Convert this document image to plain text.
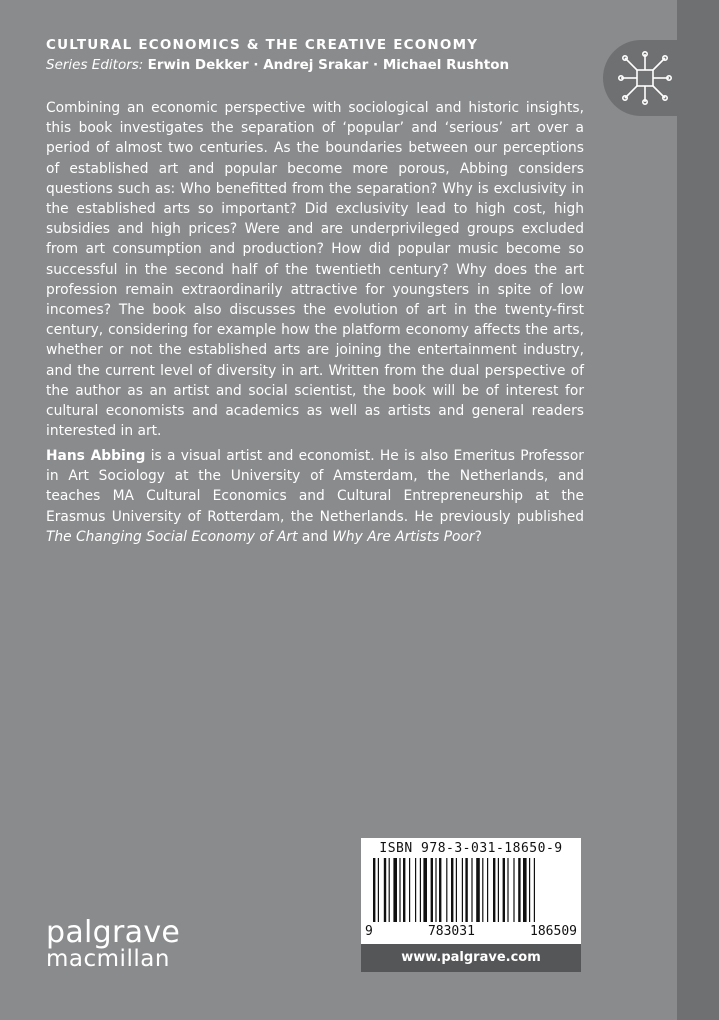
CULTURAL ECONOMICS & THE CREATIVE ECONOMY
Series Editors: Erwin Dekker · Andrej Srakar · Michael Rushton

Combining an economic perspective with sociological and historic insights, this book investigates the separation of ‘popular’ and ‘serious’ art over a period of almost two centuries. As the boundaries between our perceptions of established art and popular become more porous, Abbing considers questions such as: Who benefitted from the separation? Why is exclusivity in the established arts so important? Did exclusivity lead to high cost, high subsidies and high prices? Were and are underprivileged groups excluded from art consumption and production? How did popular music become so successful in the second half of the twentieth century? Why does the art profession remain extraordinarily attractive for youngsters in spite of low incomes? The book also discusses the evolution of art in the twenty-first century, considering for example how the platform economy affects the arts, whether or not the established arts are joining the entertainment industry, and the current level of diversity in art. Written from the dual perspective of the author as an artist and social scientist, the book will be of interest for cultural economists and academics as well as artists and general readers interested in art.

Hans Abbing is a visual artist and economist. He is also Emeritus Professor in Art Sociology at the University of Amsterdam, the Netherlands, and teaches MA Cultural Economics and Cultural Entrepreneurship at the Erasmus University of Rotterdam, the Netherlands. He previously published The Changing Social Economy of Art and Why Are Artists Poor?

palgrave
macmillan
ISBN 978-3-031-18650-9
9	783031	186509
www.palgrave.com
